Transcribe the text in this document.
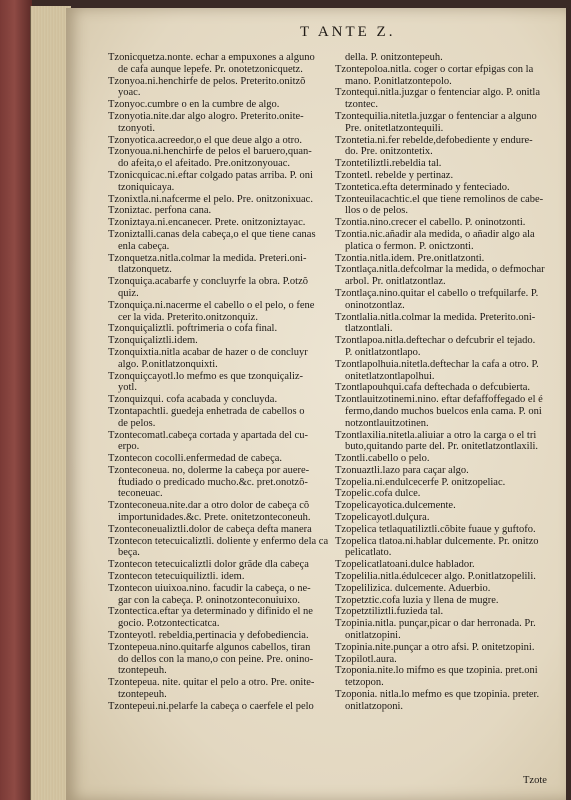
T ANTE Z.
Tzonicquetza.nonte. echar a empuxones a alguno
de cafa aunque lepefe. Pr. onotetzonicquetz.
Tzonyoa.ni.henchirfe de pelos. Preterito.onitzõ
yoac.
Tzonyoc.cumbre o en la cumbre de algo.
Tzonyotia.nite.dar algo alogro. Preterito.onite-
tzonyoti.
Tzonyotica.acreedor,o el que deue algo a otro.
Tzonyoua.ni.henchirfe de pelos el baruero,quan-
do afeita,o el afeitado. Pre.onitzonyouac.
Tzonicquicac.ni.eftar colgado patas arriba. P. oni
tzoniquicaya.
Tzonixtla.ni.nafcerme el pelo. Pre. onitzonixuac.
Tzoniztac. perfona cana.
Tzoniztaya.ni.encanecer. Prete. onitzoniztayac.
Tzoniztalli.canas dela cabeça,o el que tiene canas
enla cabeça.
Tzonquetza.nitla.colmar la medida. Preteri.oni-
tlatzonquetz.
Tzonquiça.acabarfe y concluyrfe la obra. P.otzõ
quiz.
Tzonquiça.ni.nacerme el cabello o el pelo, o fene
cer la vida. Preterito.onitzonquiz.
Tzonquiçaliztli. poftrimeria o cofa final.
Tzonquiçaliztli.idem.
Tzonquixtia.nitla acabar de hazer o de concluyr
algo. P.onitlatzonquixti.
Tzonquiçcayotl.lo mefmo es que tzonquiçaliz-
yotl.
Tzonquizqui. cofa acabada y concluyda.
Tzontapachtli. guedeja enhetrada de cabellos o
de pelos.
Tzontecomatl.cabeça cortada y apartada del cu-
erpo.
Tzontecon cocolli.enfermedad de cabeça.
Tzonteconeua. no, dolerme la cabeça por auere-
ftudiado o predicado mucho.&c. pret.onotzõ-
teconeuac.
Tzonteconeua.nite.dar a otro dolor de cabeça cõ
importunidades.&c. Prete. onitetzonteconeuh.
Tzonteconeualiztli.dolor de cabeça defta manera
Tzontecon tetecuicaliztli. doliente y enfermo dela ca
beça.
Tzontecon tetecuicaliztli dolor grãde dla cabeça
Tzontecon tetecuiquiliztli. idem.
Tzontecon uiuixoa.nino. facudir la cabeça, o ne-
gar con la cabeça. P. oninotzonteconuiuixo.
Tzontectica.eftar ya determinado y difinido el ne
gocio. P.otzontecticatca.
Tzonteyotl. rebeldia,pertinacia y defobediencia.
Tzontepeua.nino.quitarfe algunos cabellos, tiran
do dellos con la mano,o con peine. Pre. onino-
tzontepeuh.
Tzontepeua. nite. quitar el pelo a otro. Pre. onite-
tzontepeuh.
Tzontepeui.ni.pelarfe la cabeça o caerfele el pelo
della. P. onitzontepeuh.
Tzontepoloa.nitla. coger o cortar efpigas con la
mano. P.onitlatzontepolo.
Tzontequi.nitla.juzgar o fentenciar algo. P. onitla
tzontec.
Tzontequilia.nitetla.juzgar o fentenciar a alguno
Pre. onitetlatzontequili.
Tzontetia.ni.fer rebelde,defobediente y endure-
do. Pre. onitzontetix.
Tzontetiliztli.rebeldia tal.
Tzontetl. rebelde y pertinaz.
Tzontetica.efta determinado y fenteciado.
Tzonteuilacachtic.el que tiene remolinos de cabe-
llos o de pelos.
Tzontia.nino.crecer el cabello. P. oninotzonti.
Tzontia.nic.añadir ala medida, o añadir algo ala
platica o fermon. P. onictzonti.
Tzontia.nitla.idem. Pre.onitlatzonti.
Tzontlaça.nitla.defcolmar la medida, o defmochar
arbol. Pr. onitlatzontlaz.
Tzontlaça.nino.quitar el cabello o trefquilarfe. P.
oninotzontlaz.
Tzontlalia.nitla.colmar la medida. Preterito.oni-
tlatzontlali.
Tzontlapoa.nitla.deftechar o defcubrir el tejado.
P. onitlatzontlapo.
Tzontlapolhuia.nitetla.deftechar la cafa a otro. P.
onitetlatzontlapolhui.
Tzontlapouhqui.cafa deftechada o defcubierta.
Tzontlauitzotinemi.nino. eftar defaffoffegado el é
fermo,dando muchos buelcos enla cama. P. oni
notzontlauitzotinen.
Tzontlaxilia.nitetla.aliuiar a otro la carga o el tri
buto,quitando parte del. Pr. onitetlatzontlaxili.
Tzontli.cabello o pelo.
Tzonuaztli.lazo para caçar algo.
Tzopelia.ni.endulcecerfe P. onitzopeliac.
Tzopelic.cofa dulce.
Tzopelicayotica.dulcemente.
Tzopelicayotl.dulçura.
Tzopelica tetlaquatiliztli.cõbite fuaue y guftofo.
Tzopelica tlatoa.ni.hablar dulcemente. Pr. onitzo
pelicatlato.
Tzopelicatlatoani.dulce hablador.
Tzopelilia.nitla.édulcecer algo. P.onitlatzopelili.
Tzopelilizica. dulcemente. Aduerbio.
Tzopetztic.cofa luzia y llena de mugre.
Tzopetztiliztli.fuzieda tal.
Tzopinia.nitla. punçar,picar o dar herronada. Pr.
onitlatzopini.
Tzopinia.nite.punçar a otro afsi. P. onitetzopini.
Tzopilotl.aura.
Tzoponia.nite.lo mifmo es que tzopinia. pret.oni
tetzopon.
Tzoponia. nitla.lo mefmo es que tzopinia. preter.
onitlatzoponi.
Tzote
